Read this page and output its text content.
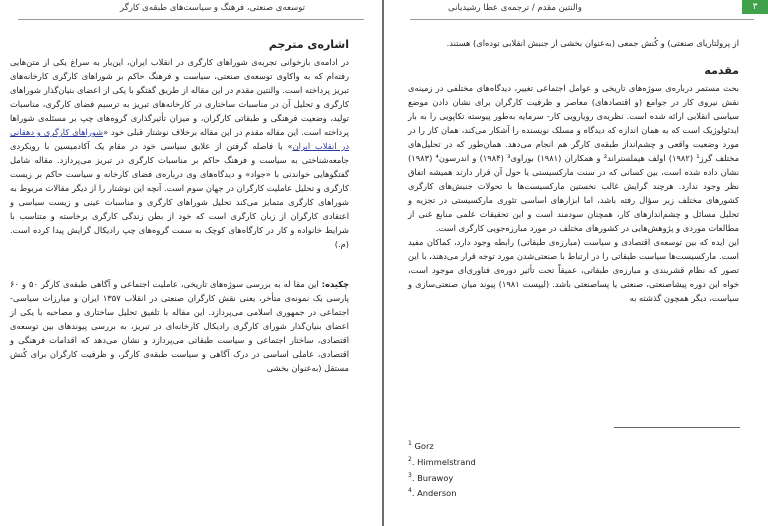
توسعه‌ی صنعتی، فرهنگ و سیاست‌های طبقه‌ی کارگر
اشاره‌ی مترجم

در ادامه‌ی بازخوانی تجربه‌ی شوراهای کارگری در انقلاب ایران، این‌بار به سراغ یکی از متن‌هایی رفته‌ام که به واکاوی توسعه‌ی صنعتی، سیاست و فرهنگ حاکم بر شوراهای کارگری کارخانه‌های تبریز پرداخته است. والنتین مقدم در این مقاله از طریق گفتگو با یکی از اعضای بنیان‌گذار شوراهای کارگری و تحلیل آن در مناسبات ساختاری در کارخانه‌های تبریز به ترسیم فضای کارگری، مناسبات تولید، وضعیت فرهنگی و طبقاتی کارگران، و میزان تأثیرگذاری گروه‌های چپ بر مسئله‌ی شوراها پرداخته است. این مقاله مقدم در این مقاله برخلاف نوشتار قبلی خود «شوراهای کارگری و دهقانی در انقلاب ایران» با فاصله گرفتن از علایق سیاسی خود در مقام یک آکادمیسین با رویکردی جامعه‌شناختی به سیاست و فرهنگ حاکم بر مناسبات کارگری در تبریز می‌پردازد. مقاله شامل گفتگوهایی خواندنی با «جواد» و دیدگاه‌های وی درباره‌ی فضای کارخانه و سیاست حاکم بر زیست کارگری و تحلیل عاملیت کارگران در جهان سوم است. آنچه این نوشتار را از دیگر مقالات مربوط به شوراهای کارگری متمایز می‌کند تحلیل شوراهای کارگری و مناسبات عینی و زیست سیاسی و اعتقادی کارگران از زبان کارگری است که خود از بطن زندگی کارگری برخاسته و متناسب با شرایط خانواده و کار در کارگاه‌های کوچک به سمت گروه‌های چپ رادیکال گرایش پیدا کرده است. (م.)

چکیده: این مقا له به بررسی سوژه‌های تاریخی، عاملیت اجتماعی و آگاهی طبقه‌ی کارگر ۵۰ و ۶۰ پارسی یک نمونه‌ی متأخر، یعنی نقش کارگران صنعتی در انقلاب ۱۳۵۷ ایران و مبارزات سیاسی-اجتماعی در جمهوری اسلامی می‌پردازد. این مقاله با تلفیق تحلیل ساختاری و مصاحبه با یکی از اعضای بنیان‌گذار شورای کارگری رادیکال کارخانه‌ای در تبریز، به بررسی پیوندهای بین توسعه‌ی اقتصادی، ساختار اجتماعی و سیاست طبقاتی می‌پردازد و نشان می‌دهد که اقدامات فرهنگی و اقتصادی، عاملی اساسی در درک آگاهی و سیاست طبقه‌ی کارگر، و ظرفیت کارگران برای کُنش مستقل (به‌عنوان بخشی

۳
والنتین مقدم / ترجمه‌ی عطا رشیدیانی

از پرولتاریای صنعتی) و کُنش جمعی (به‌عنوان بخشی از جنبش انقلابی توده‌ای) هستند.

مقدمه

بحث مستمر درباره‌ی سوژه‌های تاریخی و عوامل اجتماعی تغییر، دیدگاه‌های مختلفی در زمینه‌ی نقش نیروی کار در جوامع (و اقتصادهای) معاصر و ظرفیت کارگران برای نشان دادن موضع سیاسی انقلابی ارائه شده است. نظریه‌ی رویارویی کار- سرمایه به‌طور پیوسته تکاپویی را به بار ایدئولوژیک است که به همان اندازه که دیدگاه و مسلک نویسنده را آشکار می‌کند، همان کار را در مورد وضعیت واقعی و چشم‌انداز طبقه‌ی کارگر هم انجام می‌دهد. همان‌طور که در تحلیل‌های مختلف گرز¹ (۱۹۸۲) اولف هیملستراند² و همکاران (۱۹۸۱) بوراوی³ (۱۹۸۴) و اندرسون⁴ (۱۹۸۳) نشان داده شده است، بین کسانی که در سنت مارکسیستی یا حول آن قرار دارند همیشه اتفاق نظر وجود ندارد. هرچند گرایش غالب نخستین مارکسیست‌ها با تحولات جنبش‌های کارگری کشورهای مختلف زیر سؤال رفته باشد، اما ابزارهای اساسی تئوری مارکسیستی در تجزیه و تحلیل مسائل و چشم‌اندازهای کار، همچنان سودمند است و این تحقیقات علمی منابع غنی از مطالعات موردی و پژوهش‌هایی در کشورهای مختلف در مورد مبارزه‌جویی کارگری است.

این ایده که بین توسعه‌ی اقتصادی و سیاست (مبارزه‌ی طبقاتی) رابطه وجود دارد، کماکان مفید است. مارکسیست‌ها سیاست طبقاتی را در ارتباط با صنعتی‌شدن مورد توجه قرار می‌دهند، با این تصور که نظام قشربندی و مبارزه‌ی طبقاتی، عمیقاً تحت تأثیر دوره‌ی فناوری‌ای موجود است، خواه این دوره پیشاصنعتی، صنعتی یا پساصنعتی باشد. (لیپست ۱۹۸۱) پیوند میان صنعتی‌سازی و سیاست، دیگر همچون گذشته به

$^1$ Gorz
$^2$. Himmelstrand
$^3$. Burawoy
$^4$. Anderson
